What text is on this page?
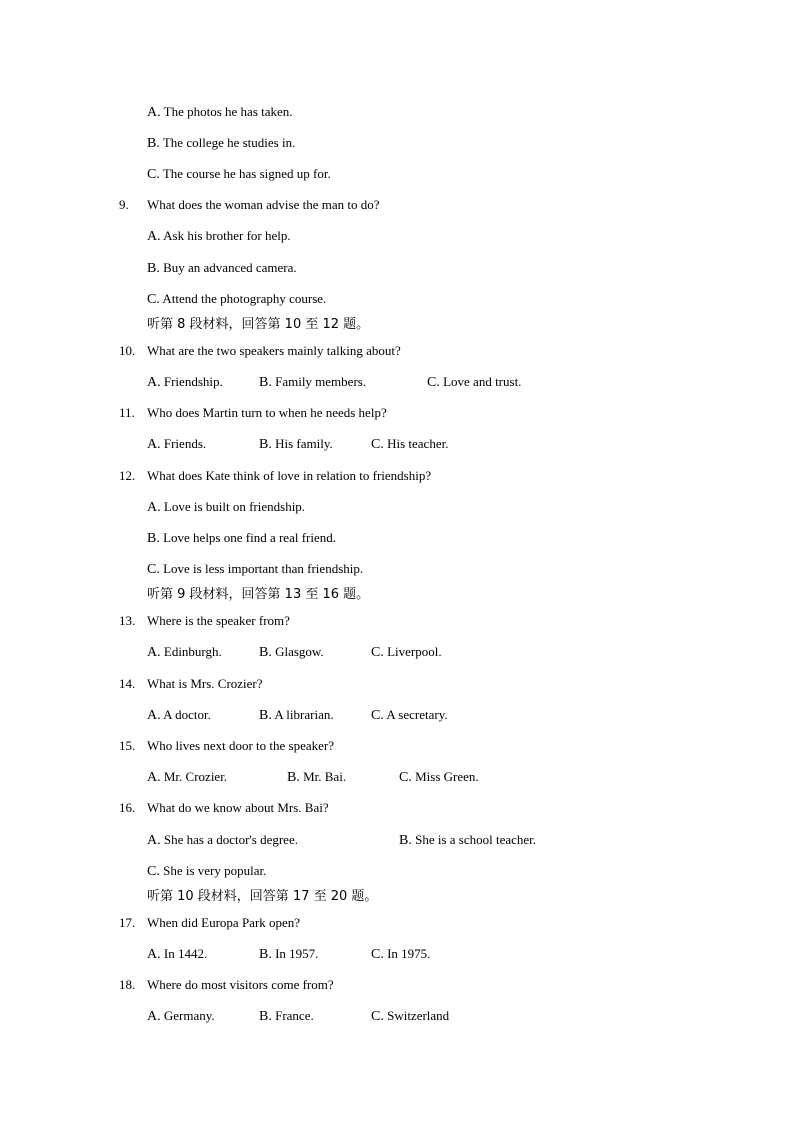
A. The photos he has taken.
B. The college he studies in.
C. The course he has signed up for.
9.	What does the woman advise the man to do?
A. Ask his brother for help.
B. Buy an advanced camera.
C. Attend the photography course.
听第 8 段材料，回答第 10 至 12 题。
10. What are the two speakers mainly talking about?
A. Friendship.	B. Family members.	C. Love and trust.
11. Who does Martin turn to when he needs help?
A. Friends.	B. His family.	C. His teacher.
12. What does Kate think of love in relation to friendship?
A. Love is built on friendship.
B. Love helps one find a real friend.
C. Love is less important than friendship.
听第 9 段材料，回答第 13 至 16 题。
13. Where is the speaker from?
A. Edinburgh.	B. Glasgow.	C. Liverpool.
14. What is Mrs. Crozier?
A. A doctor.	B. A librarian.	C. A secretary.
15. Who lives next door to the speaker?
A. Mr. Crozier.	B. Mr. Bai.	C. Miss Green.
16. What do we know about Mrs. Bai?
A. She has a doctor's degree.	B. She is a school teacher.
C. She is very popular.
听第 10 段材料，回答第 17 至 20 题。
17. When did Europa Park open?
A. In 1442.	B. In 1957.	C. In 1975.
18. Where do most visitors come from?
A. Germany.	B. France.	C. Switzerland
